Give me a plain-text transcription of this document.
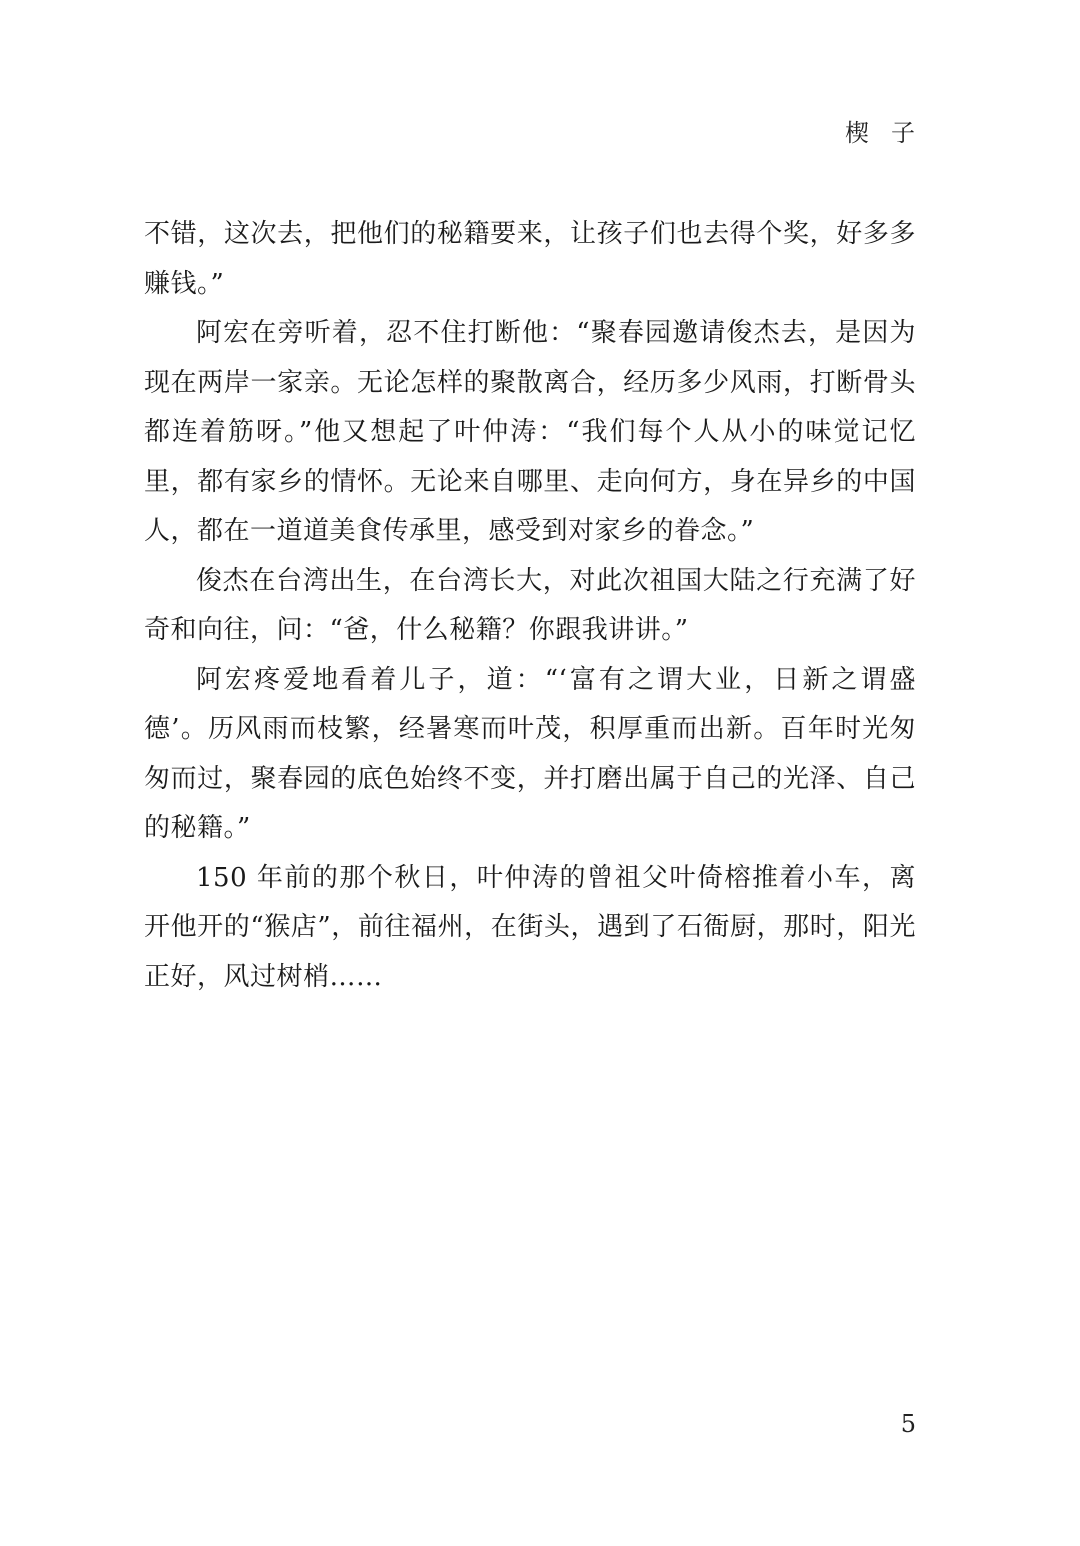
楔子

不错，这次去，把他们的秘籍要来，让孩子们也去得个奖，好多多赚钱。”

阿宏在旁听着，忍不住打断他：“聚春园邀请俊杰去，是因为现在两岸一家亲。无论怎样的聚散离合，经历多少风雨，打断骨头都连着筋呀。”他又想起了叶仲涛：“我们每个人从小的味觉记忆里，都有家乡的情怀。无论来自哪里、走向何方，身在异乡的中国人，都在一道道美食传承里，感受到对家乡的眷念。”

俊杰在台湾出生，在台湾长大，对此次祖国大陆之行充满了好奇和向往，问：“爸，什么秘籍？你跟我讲讲。”

阿宏疼爱地看着儿子，道：“‘富有之谓大业，日新之谓盛德’。历风雨而枝繁，经暑寒而叶茂，积厚重而出新。百年时光匆匆而过，聚春园的底色始终不变，并打磨出属于自己的光泽、自己的秘籍。”

150 年前的那个秋日，叶仲涛的曾祖父叶倚榕推着小车，离开他开的“猴店”，前往福州，在街头，遇到了石衙厨，那时，阳光正好，风过树梢……

5
